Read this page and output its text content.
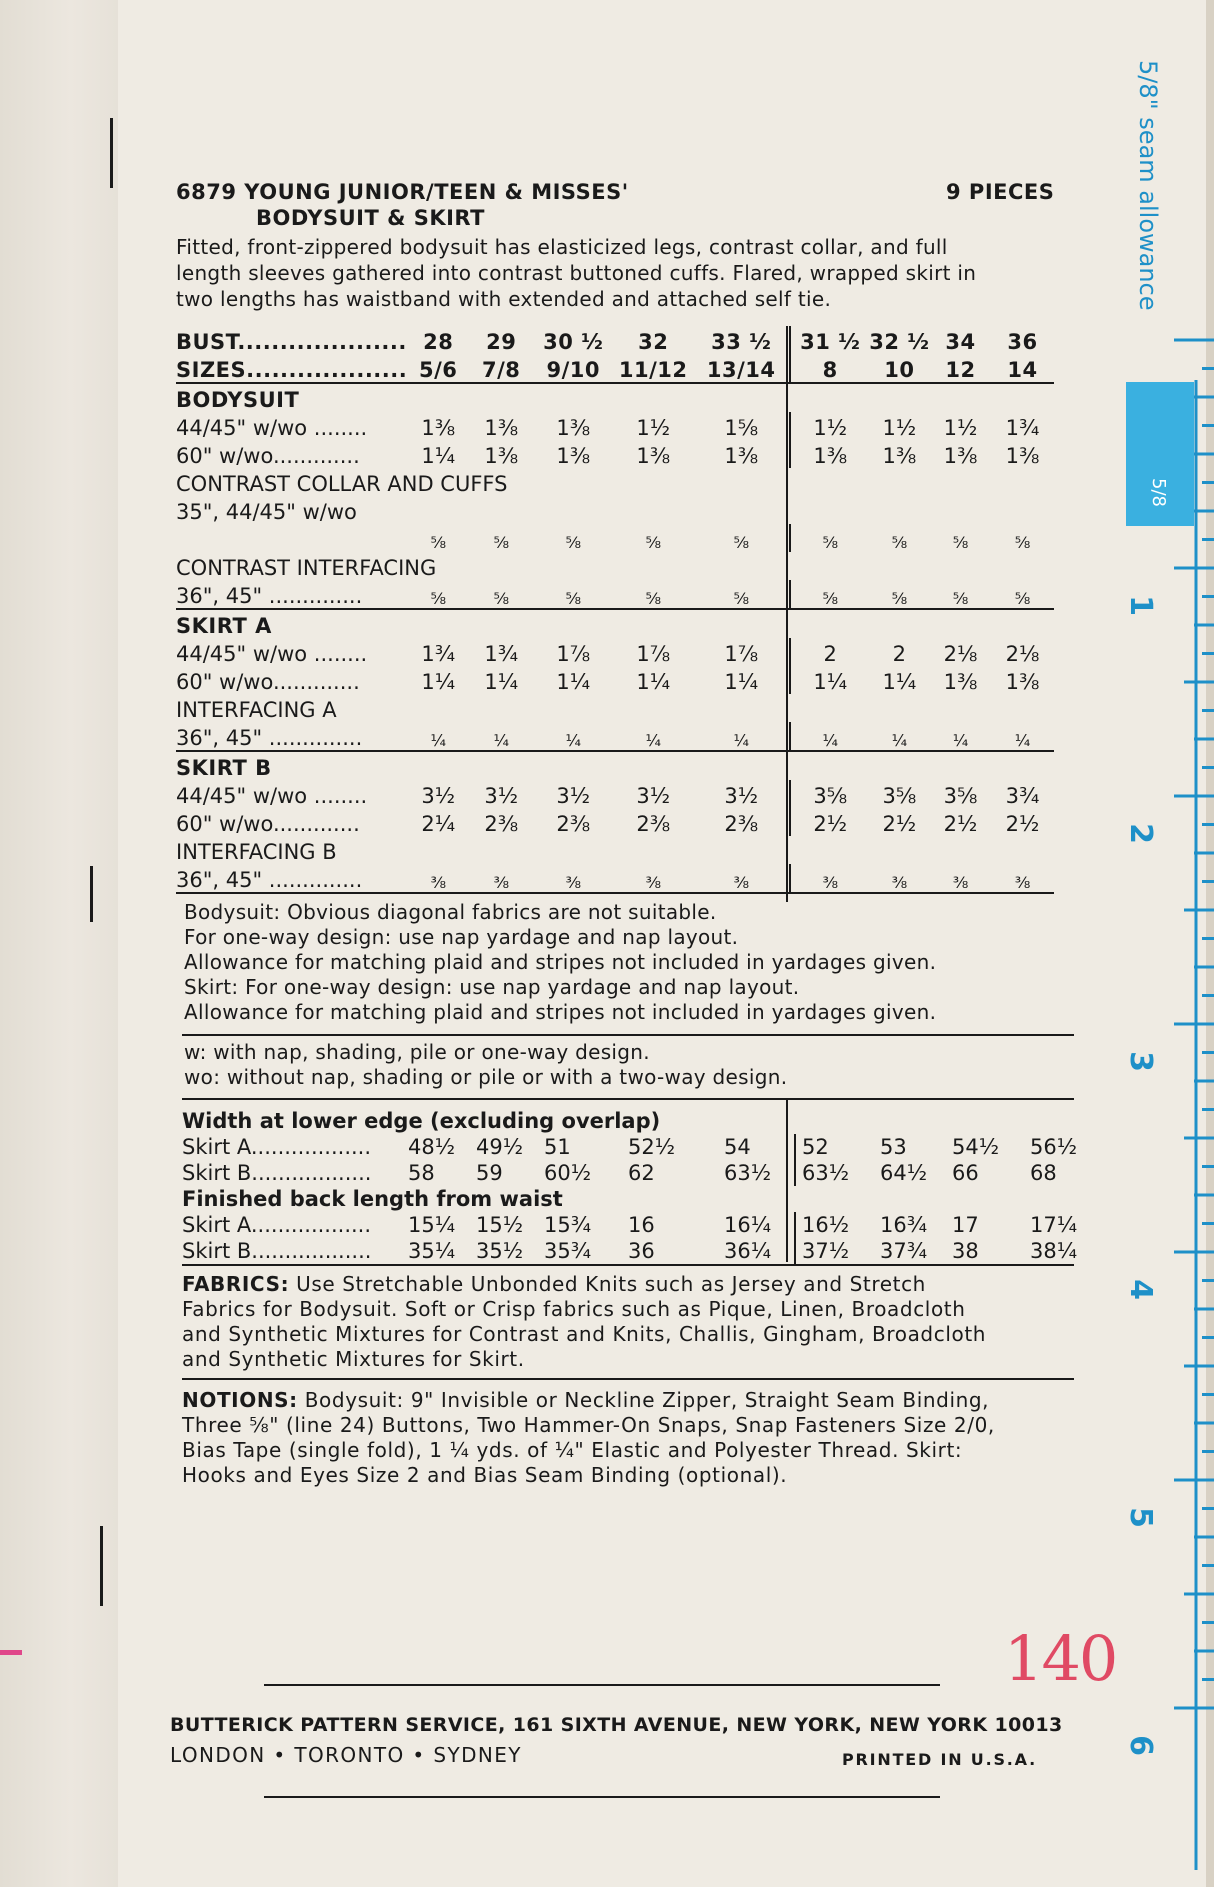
6879 YOUNG JUNIOR/TEEN & MISSES'
BODYSUIT & SKIRT
9 PIECES
Fitted, front-zippered bodysuit has elasticized legs, contrast collar, and full
length sleeves gathered into contrast buttoned cuffs. Flared, wrapped skirt in
two lengths has waistband with extended and attached self tie.
BUST....................	28	29	30 ½	32	33 ½	31 ½	32 ½	34	36
SIZES...................	5/6	7/8	9/10	11/12	13/14	8	10	12	14
BODYSUIT									
44/45" w/wo ........	1⅜	1⅜	1⅜	1½	1⅝	1½	1½	1½	1¾
60" w/wo.............	1¼	1⅜	1⅜	1⅜	1⅜	1⅜	1⅜	1⅜	1⅜
CONTRAST COLLAR AND CUFFS									
35", 44/45" w/wo									
	⅝	⅝	⅝	⅝	⅝	⅝	⅝	⅝	⅝
CONTRAST INTERFACING									
36", 45" ..............	⅝	⅝	⅝	⅝	⅝	⅝	⅝	⅝	⅝
SKIRT A									
44/45" w/wo ........	1¾	1¾	1⅞	1⅞	1⅞	2	2	2⅛	2⅛
60" w/wo.............	1¼	1¼	1¼	1¼	1¼	1¼	1¼	1⅜	1⅜
INTERFACING A									
36", 45" ..............	¼	¼	¼	¼	¼	¼	¼	¼	¼
SKIRT B									
44/45" w/wo ........	3½	3½	3½	3½	3½	3⅝	3⅝	3⅝	3¾
60" w/wo.............	2¼	2⅜	2⅜	2⅜	2⅜	2½	2½	2½	2½
INTERFACING B									
36", 45" ..............	⅜	⅜	⅜	⅜	⅜	⅜	⅜	⅜	⅜
Bodysuit: Obvious diagonal fabrics are not suitable.
For one-way design: use nap yardage and nap layout.
Allowance for matching plaid and stripes not included in yardages given.
Skirt: For one-way design: use nap yardage and nap layout.
Allowance for matching plaid and stripes not included in yardages given.
w: with nap, shading, pile or one-way design.
wo: without nap, shading or pile or with a two-way design.
Width at lower edge (excluding overlap)									
Skirt A..................	48½	49½	51	52½	54	52	53	54½	56½
Skirt B..................	58	59	60½	62	63½	63½	64½	66	68
Finished back length from waist									
Skirt A..................	15¼	15½	15¾	16	16¼	16½	16¾	17	17¼
Skirt B..................	35¼	35½	35¾	36	36¼	37½	37¾	38	38¼
FABRICS: Use Stretchable Unbonded Knits such as Jersey and Stretch
Fabrics for Bodysuit. Soft or Crisp fabrics such as Pique, Linen, Broadcloth
and Synthetic Mixtures for Contrast and Knits, Challis, Gingham, Broadcloth
and Synthetic Mixtures for Skirt.
NOTIONS: Bodysuit: 9" Invisible or Neckline Zipper, Straight Seam Binding,
Three ⅝" (line 24) Buttons, Two Hammer-On Snaps, Snap Fasteners Size 2/0,
Bias Tape (single fold), 1 ¼ yds. of ¼" Elastic and Polyester Thread. Skirt:
Hooks and Eyes Size 2 and Bias Seam Binding (optional).
BUTTERICK PATTERN SERVICE, 161 SIXTH AVENUE, NEW YORK, NEW YORK 10013
LONDON • TORONTO • SYDNEY	PRINTED IN U.S.A.
140
5/8" seam allowance
5/8
1
2
3
4
5
6
